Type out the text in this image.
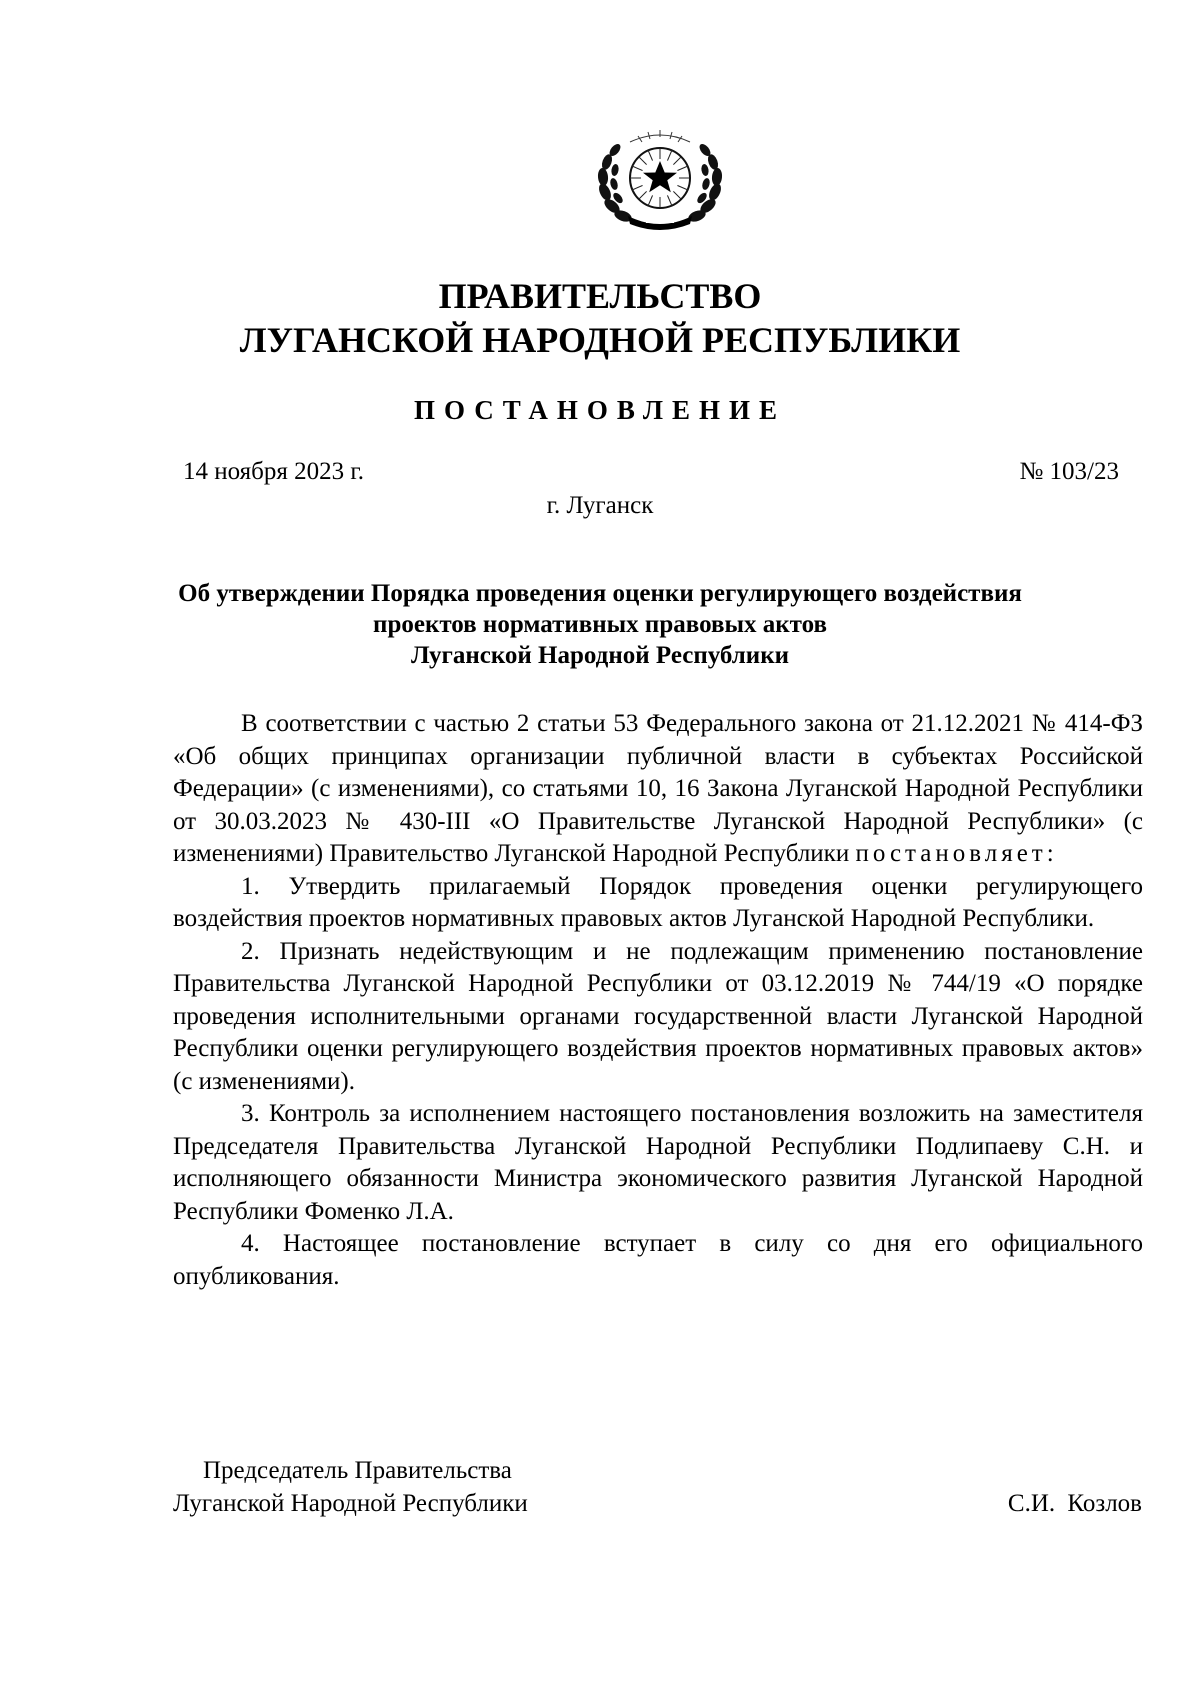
ПРАВИТЕЛЬСТВО
ЛУГАНСКОЙ НАРОДНОЙ РЕСПУБЛИКИ
ПОСТАНОВЛЕНИЕ
14 ноября 2023 г.	№ 103/23
г. Луганск
Об утверждении Порядка проведения оценки регулирующего воздействия
проектов нормативных правовых актов
Луганской Народной Республики

В соответствии с частью 2 статьи 53 Федерального закона от 21.12.2021 № 414-ФЗ «Об общих принципах организации публичной власти в субъектах Российской Федерации» (с изменениями), со статьями 10, 16 Закона Луганской Народной Республики от 30.03.2023 № 430-III «О Правительстве Луганской Народной Республики» (с изменениями) Правительство Луганской Народной Республики постановляет:

1. Утвердить прилагаемый Порядок проведения оценки регулирующего воздействия проектов нормативных правовых актов Луганской Народной Республики.

2. Признать недействующим и не подлежащим применению постановление Правительства Луганской Народной Республики от 03.12.2019 № 744/19 «О порядке проведения исполнительными органами государственной власти Луганской Народной Республики оценки регулирующего воздействия проектов нормативных правовых актов» (с изменениями).

3. Контроль за исполнением настоящего постановления возложить на заместителя Председателя Правительства Луганской Народной Республики Подлипаеву С.Н. и исполняющего обязанности Министра экономического развития Луганской Народной Республики Фоменко Л.А.

4. Настоящее постановление вступает в силу со дня его официального опубликования.

Председатель Правительства
Луганской Народной Республики	С.И. Козлов
